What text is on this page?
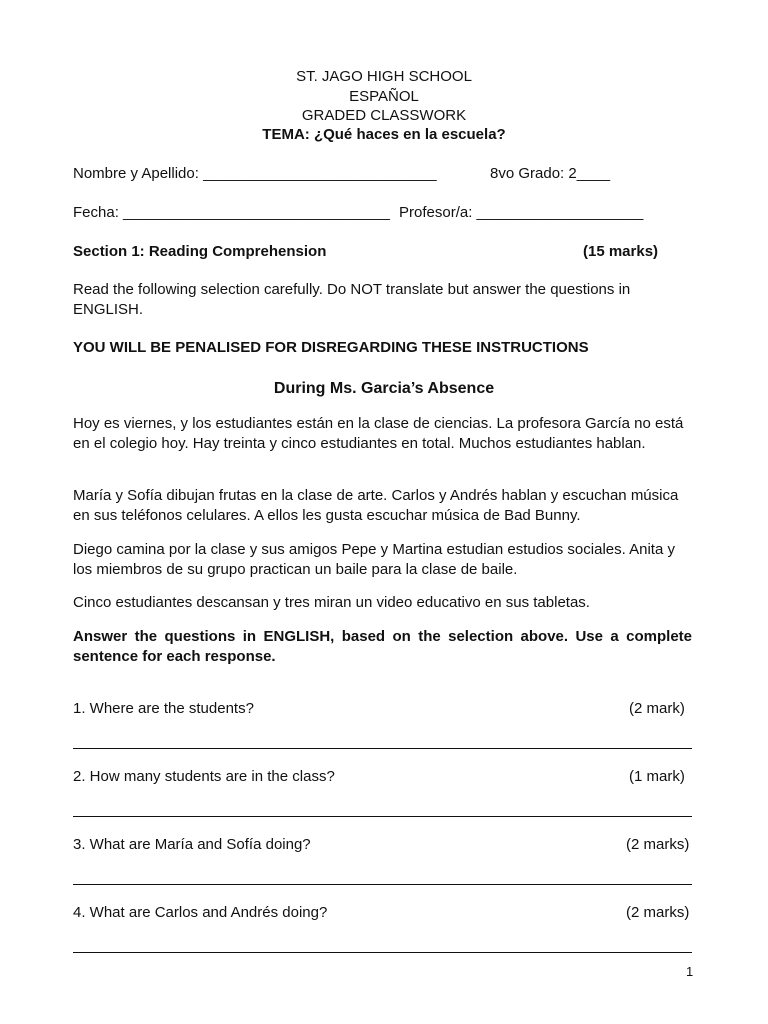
ST. JAGO HIGH SCHOOL
ESPAÑOL
GRADED CLASSWORK
TEMA: ¿Qué haces en la escuela?
Nombre y Apellido: ____________________________	8vo Grado: 2____
Fecha: ________________________________ Profesor/a: ____________________
Section 1: Reading Comprehension	(15 marks)
Read the following selection carefully. Do NOT translate but answer the questions in
ENGLISH.
YOU WILL BE PENALISED FOR DISREGARDING THESE INSTRUCTIONS
During Ms. Garcia’s Absence
Hoy es viernes, y los estudiantes están en la clase de ciencias. La profesora García no está en el colegio hoy. Hay treinta y cinco estudiantes en total. Muchos estudiantes hablan.
María y Sofía dibujan frutas en la clase de arte. Carlos y Andrés hablan y escuchan música en sus teléfonos celulares. A ellos les gusta escuchar música de Bad Bunny.
Diego camina por la clase y sus amigos Pepe y Martina estudian estudios sociales. Anita y los miembros de su grupo practican un baile para la clase de baile.
Cinco estudiantes descansan y tres miran un video educativo en sus tabletas.
Answer the questions in ENGLISH, based on the selection above. Use a complete sentence for each response.
1. Where are the students?	(2 mark)
2. How many students are in the class?	(1 mark)
3. What are María and Sofía doing?	(2 marks)
4. What are Carlos and Andrés doing?	(2 marks)
1
